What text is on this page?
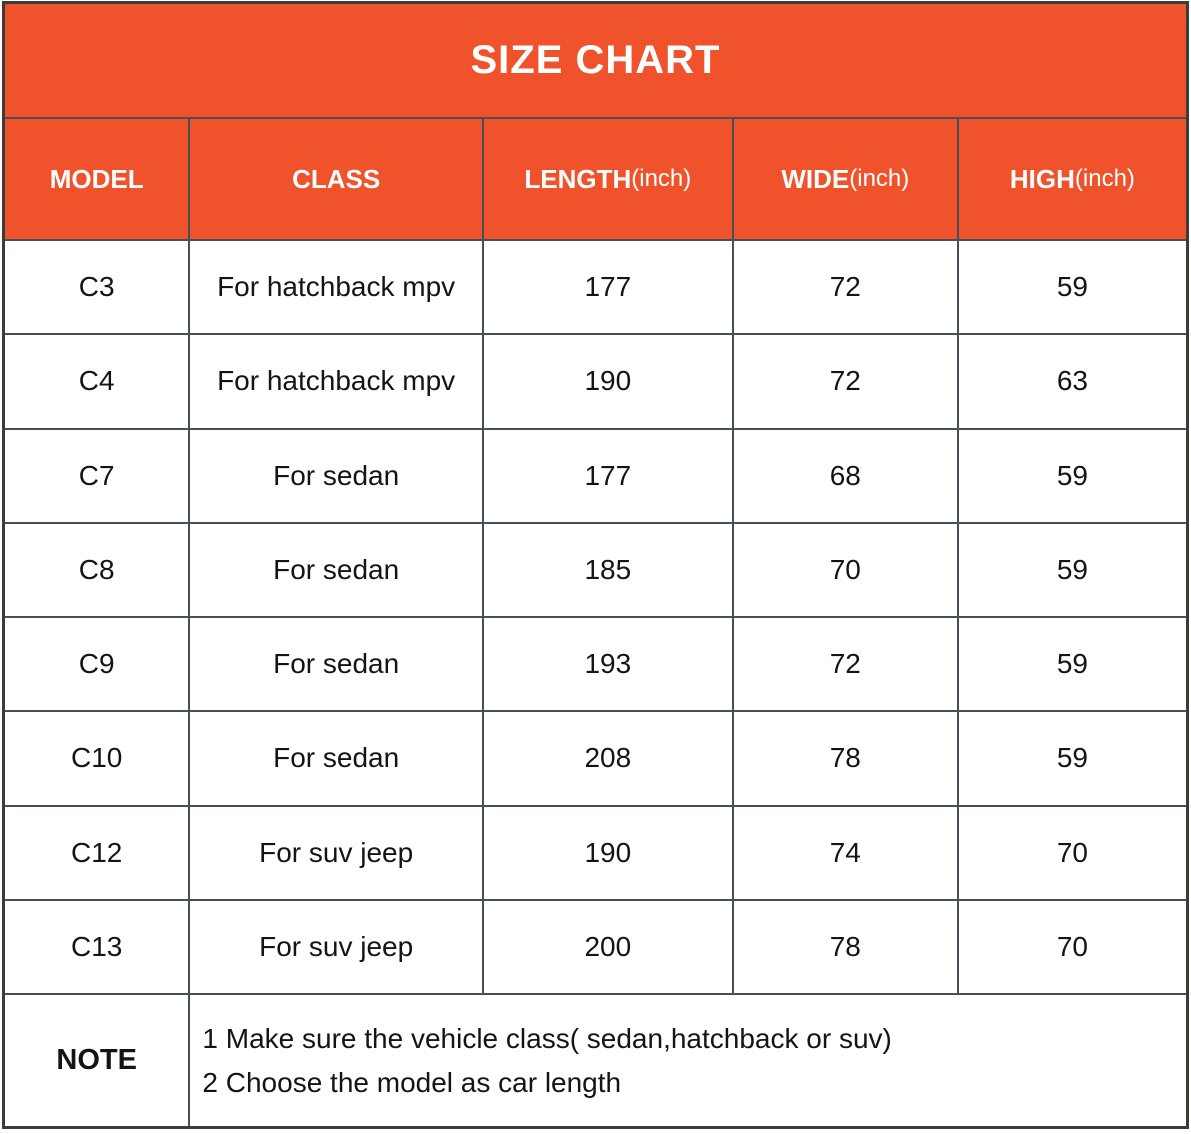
SIZE CHART
MODEL	CLASS	LENGTH (inch)	WIDE (inch)	HIGH (inch)
C3	For hatchback mpv	177	72	59
C4	For hatchback mpv	190	72	63
C7	For sedan	177	68	59
C8	For sedan	185	70	59
C9	For sedan	193	72	59
C10	For sedan	208	78	59
C12	For suv jeep	190	74	70
C13	For suv jeep	200	78	70
NOTE
1 Make sure the vehicle class( sedan,hatchback or suv)
2 Choose the model as car length
